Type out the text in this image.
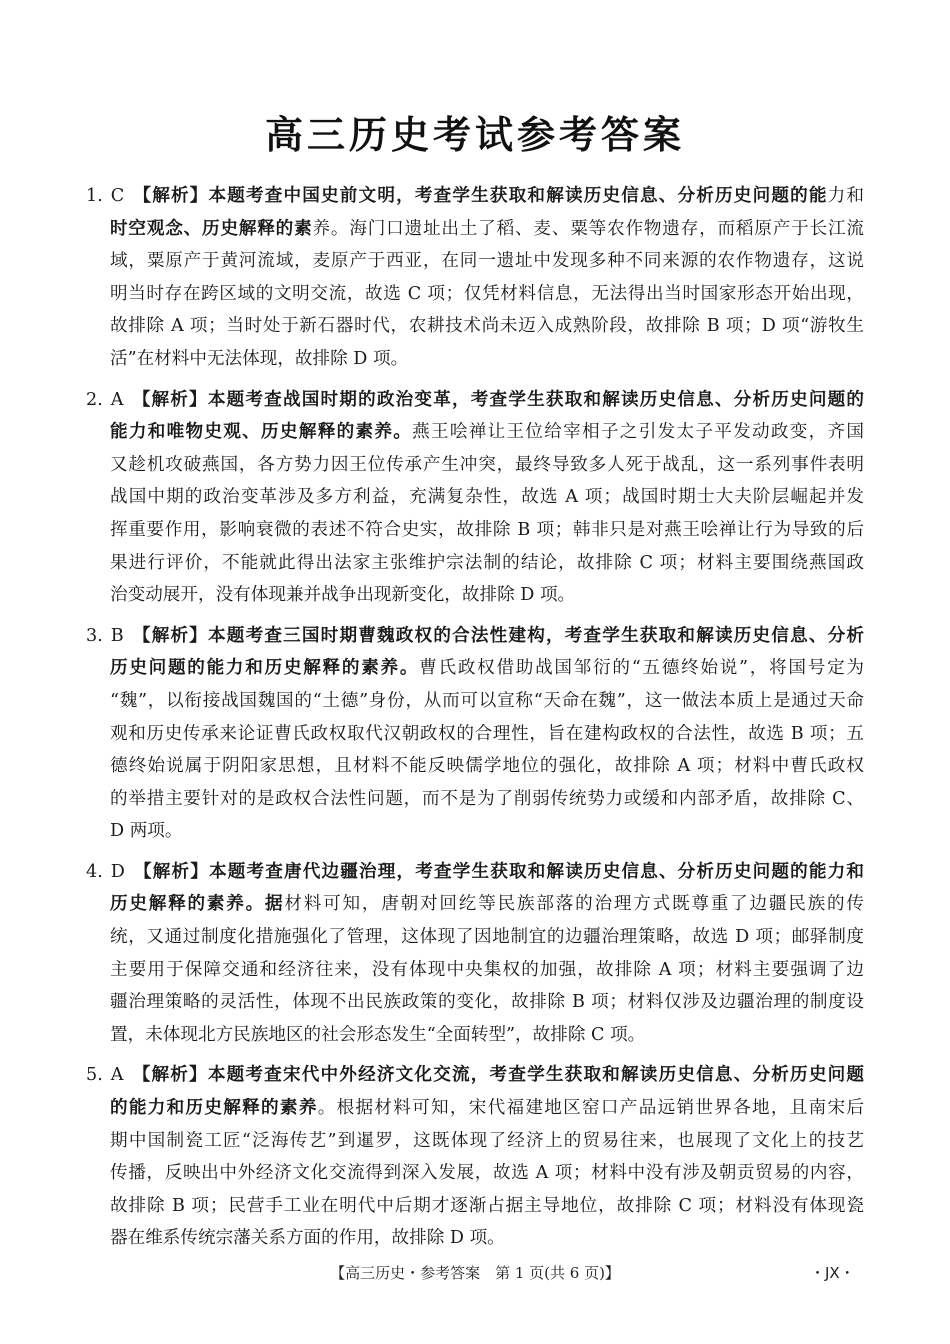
高三历史考试参考答案
1. C 【解析】本题考查中国史前文明，考查学生获取和解读历史信息、分析历史问题的能力和
时空观念、历史解释的素养。海门口遗址出土了稻、麦、粟等农作物遗存，而稻原产于长江流
域，粟原产于黄河流域，麦原产于西亚，在同一遗址中发现多种不同来源的农作物遗存，这说
明当时存在跨区域的文明交流，故选 C 项；仅凭材料信息，无法得出当时国家形态开始出现，
故排除 A 项；当时处于新石器时代，农耕技术尚未迈入成熟阶段，故排除 B 项；D 项“游牧生
活”在材料中无法体现，故排除 D 项。
2. A 【解析】本题考查战国时期的政治变革，考查学生获取和解读历史信息、分析历史问题的
能力和唯物史观、历史解释的素养。燕王哙禅让王位给宰相子之引发太子平发动政变，齐国
又趁机攻破燕国，各方势力因王位传承产生冲突，最终导致多人死于战乱，这一系列事件表明
战国中期的政治变革涉及多方利益，充满复杂性，故选 A 项；战国时期士大夫阶层崛起并发
挥重要作用，影响衰微的表述不符合史实，故排除 B 项；韩非只是对燕王哙禅让行为导致的后
果进行评价，不能就此得出法家主张维护宗法制的结论，故排除 C 项；材料主要围绕燕国政
治变动展开，没有体现兼并战争出现新变化，故排除 D 项。
3. B 【解析】本题考查三国时期曹魏政权的合法性建构，考查学生获取和解读历史信息、分析
历史问题的能力和历史解释的素养。曹氏政权借助战国邹衍的“五德终始说”，将国号定为
“魏”，以衔接战国魏国的“土德”身份，从而可以宣称“天命在魏”，这一做法本质上是通过天命
观和历史传承来论证曹氏政权取代汉朝政权的合理性，旨在建构政权的合法性，故选 B 项；五
德终始说属于阴阳家思想，且材料不能反映儒学地位的强化，故排除 A 项；材料中曹氏政权
的举措主要针对的是政权合法性问题，而不是为了削弱传统势力或缓和内部矛盾，故排除 C、
D 两项。
4. D 【解析】本题考查唐代边疆治理，考查学生获取和解读历史信息、分析历史问题的能力和
历史解释的素养。据材料可知，唐朝对回纥等民族部落的治理方式既尊重了边疆民族的传
统，又通过制度化措施强化了管理，这体现了因地制宜的边疆治理策略，故选 D 项；邮驿制度
主要用于保障交通和经济往来，没有体现中央集权的加强，故排除 A 项；材料主要强调了边
疆治理策略的灵活性，体现不出民族政策的变化，故排除 B 项；材料仅涉及边疆治理的制度设
置，未体现北方民族地区的社会形态发生“全面转型”，故排除 C 项。
5. A 【解析】本题考查宋代中外经济文化交流，考查学生获取和解读历史信息、分析历史问题
的能力和历史解释的素养。根据材料可知，宋代福建地区窑口产品远销世界各地，且南宋后
期中国制瓷工匠“泛海传艺”到暹罗，这既体现了经济上的贸易往来，也展现了文化上的技艺
传播，反映出中外经济文化交流得到深入发展，故选 A 项；材料中没有涉及朝贡贸易的内容，
故排除 B 项；民营手工业在明代中后期才逐渐占据主导地位，故排除 C 项；材料没有体现瓷
器在维系传统宗藩关系方面的作用，故排除 D 项。
【高三历史・参考答案　第 1 页(共 6 页)】	・JX・
